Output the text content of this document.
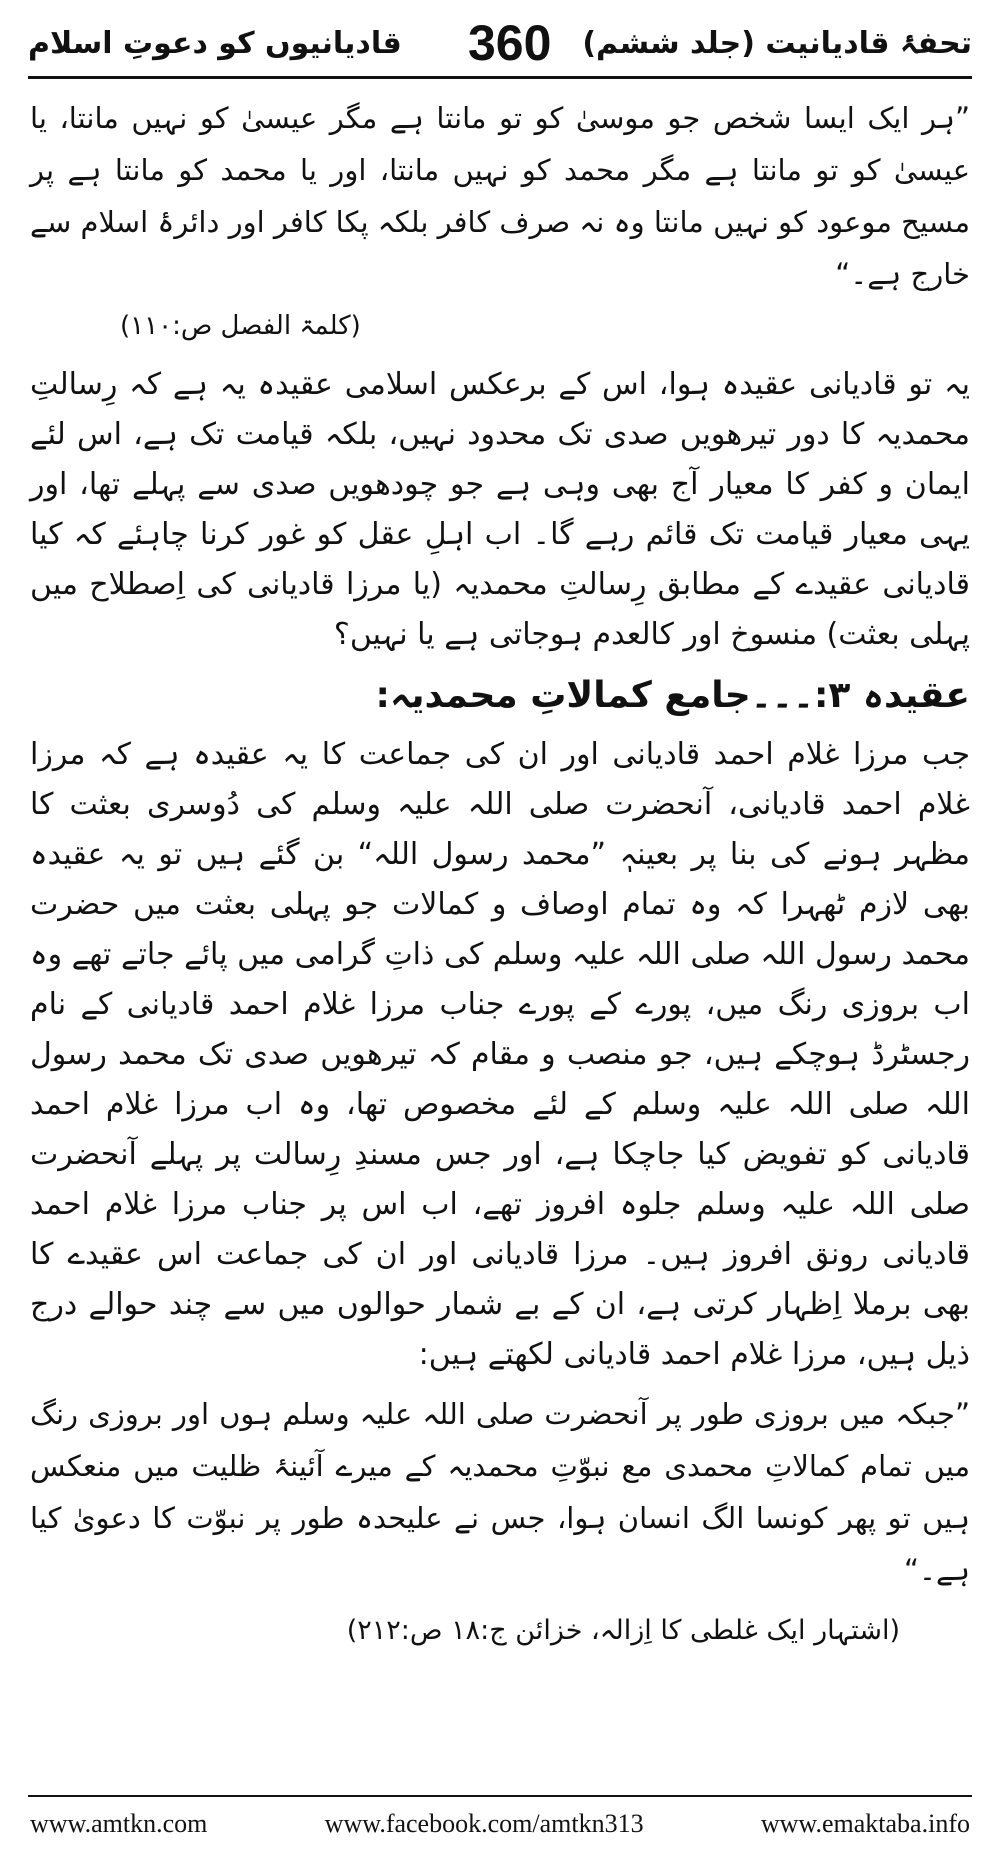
تحفۂ قادیانیت (جلد ششم)
360
قادیانیوں کو دعوتِ اسلام

”ہر ایک ایسا شخص جو موسیٰ کو تو مانتا ہے مگر عیسیٰ کو نہیں مانتا، یا عیسیٰ کو تو مانتا ہے مگر محمد کو نہیں مانتا، اور یا محمد کو مانتا ہے پر مسیح موعود کو نہیں مانتا وہ نہ صرف کافر بلکہ پکا کافر اور دائرۂ اسلام سے خارج ہے۔“
(کلمۃ الفصل ص:۱۱۰)

یہ تو قادیانی عقیدہ ہوا، اس کے برعکس اسلامی عقیدہ یہ ہے کہ رِسالتِ محمدیہ کا دور تیرھویں صدی تک محدود نہیں، بلکہ قیامت تک ہے، اس لئے ایمان و کفر کا معیار آج بھی وہی ہے جو چودھویں صدی سے پہلے تھا، اور یہی معیار قیامت تک قائم رہے گا۔ اب اہلِ عقل کو غور کرنا چاہئے کہ کیا قادیانی عقیدے کے مطابق رِسالتِ محمدیہ (یا مرزا قادیانی کی اِصطلاح میں پہلی بعثت) منسوخ اور کالعدم ہوجاتی ہے یا نہیں؟

عقیدہ ۳:۔۔۔جامع کمالاتِ محمدیہ:

جب مرزا غلام احمد قادیانی اور ان کی جماعت کا یہ عقیدہ ہے کہ مرزا غلام احمد قادیانی، آنحضرت صلی اللہ علیہ وسلم کی دُوسری بعثت کا مظہر ہونے کی بنا پر بعینہٖ ”محمد رسول اللہ“ بن گئے ہیں تو یہ عقیدہ بھی لازم ٹھہرا کہ وہ تمام اوصاف و کمالات جو پہلی بعثت میں حضرت محمد رسول اللہ صلی اللہ علیہ وسلم کی ذاتِ گرامی میں پائے جاتے تھے وہ اب بروزی رنگ میں، پورے کے پورے جناب مرزا غلام احمد قادیانی کے نام رجسٹرڈ ہوچکے ہیں، جو منصب و مقام کہ تیرھویں صدی تک محمد رسول اللہ صلی اللہ علیہ وسلم کے لئے مخصوص تھا، وہ اب مرزا غلام احمد قادیانی کو تفویض کیا جاچکا ہے، اور جس مسندِ رِسالت پر پہلے آنحضرت صلی اللہ علیہ وسلم جلوہ افروز تھے، اب اس پر جناب مرزا غلام احمد قادیانی رونق افروز ہیں۔ مرزا قادیانی اور ان کی جماعت اس عقیدے کا بھی برملا اِظہار کرتی ہے، ان کے بے شمار حوالوں میں سے چند حوالے درج ذیل ہیں، مرزا غلام احمد قادیانی لکھتے ہیں:

”جبکہ میں بروزی طور پر آنحضرت صلی اللہ علیہ وسلم ہوں اور بروزی رنگ میں تمام کمالاتِ محمدی مع نبوّتِ محمدیہ کے میرے آئینۂ ظلیت میں منعکس ہیں تو پھر کونسا الگ انسان ہوا، جس نے علیحدہ طور پر نبوّت کا دعویٰ کیا ہے۔“

(اشتہار ایک غلطی کا اِزالہ، خزائن ج:۱۸ ص:۲۱۲)
www.amtkn.com	www.facebook.com/amtkn313	www.emaktaba.info
